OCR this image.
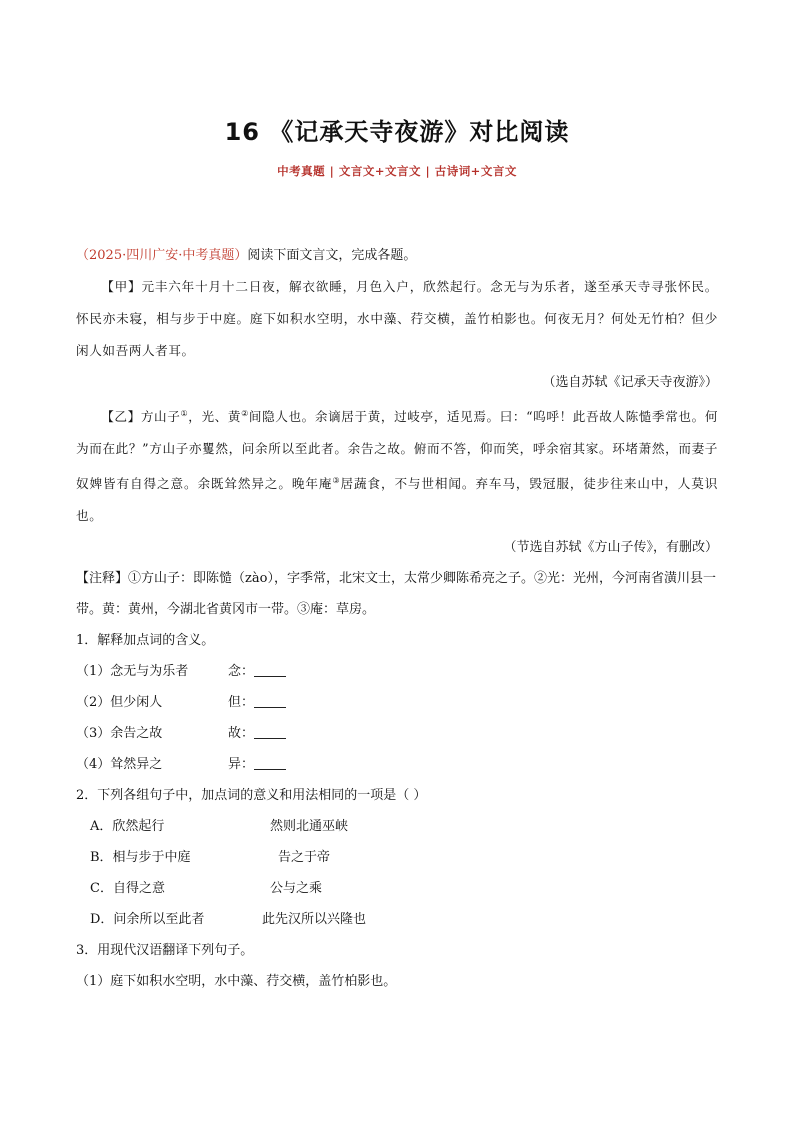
16 《记承天寺夜游》对比阅读
中考真题 | 文言文+文言文 | 古诗词+文言文
（2025·四川广安·中考真题）阅读下面文言文，完成各题。
【甲】元丰六年十月十二日夜，解衣欲睡，月色入户，欣然起行。念无与为乐者，遂至承天寺寻张怀民。怀民亦未寝，相与步于中庭。庭下如积水空明，水中藻、荇交横，盖竹柏影也。何夜无月？何处无竹柏？但少闲人如吾两人者耳。
（选自苏轼《记承天寺夜游》）
【乙】方山子①，光、黄②间隐人也。余谪居于黄，过岐亭，适见焉。曰：“呜呼！此吾故人陈慥季常也。何为而在此？”方山子亦矍然，问余所以至此者。余告之故。俯而不答，仰而笑，呼余宿其家。环堵萧然，而妻子奴婢皆有自得之意。余既耸然异之。晚年庵③居蔬食，不与世相闻。弃车马，毁冠服，徒步往来山中，人莫识也。
（节选自苏轼《方山子传》，有删改）
【注释】①方山子：即陈慥（zào），字季常，北宋文士，太常少卿陈希亮之子。②光：光州，今河南省潢川县一带。黄：黄州，今湖北省黄冈市一带。③庵：草房。
1．解释加点词的含义。
（1）念无与为乐者	念：
（2）但少闲人	但：
（3）余告之故	故：
（4）耸然异之	异：
2．下列各组句子中，加点词的意义和用法相同的一项是（ ）
A．欣然起行	然则北通巫峡
B．相与步于中庭	告之于帝
C．自得之意	公与之乘
D．问余所以至此者	此先汉所以兴隆也
3．用现代汉语翻译下列句子。
（1）庭下如积水空明，水中藻、荇交横，盖竹柏影也。
